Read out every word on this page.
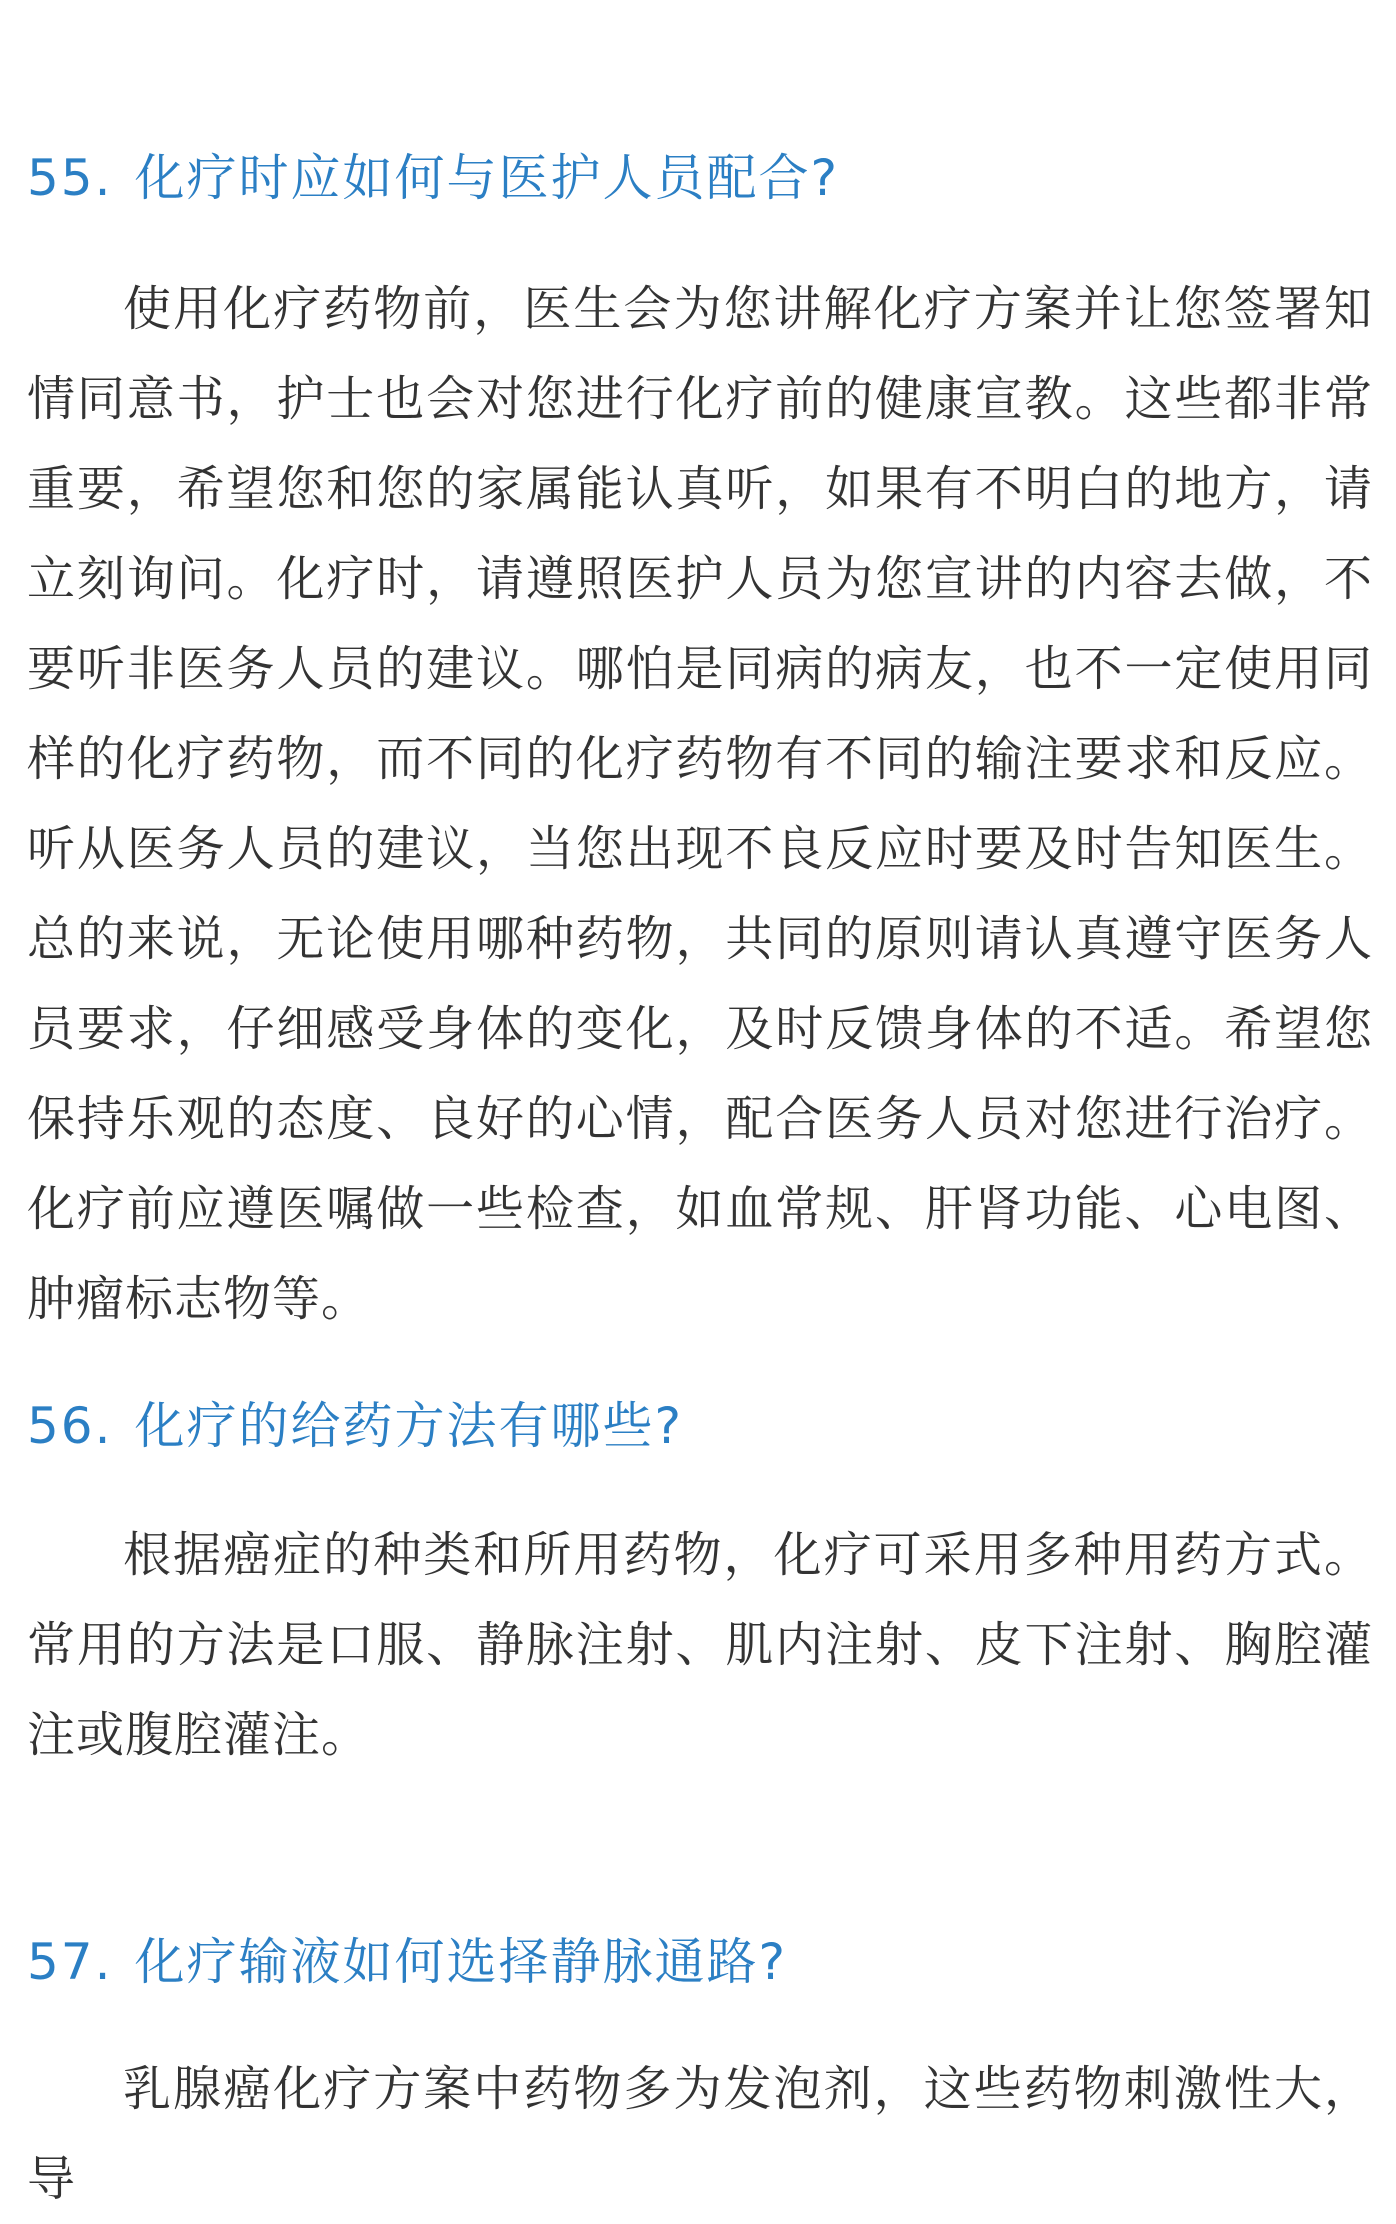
55. 化疗时应如何与医护人员配合?

使用化疗药物前，医生会为您讲解化疗方案并让您签署知情同意书，护士也会对您进行化疗前的健康宣教。这些都非常重要，希望您和您的家属能认真听，如果有不明白的地方，请立刻询问。化疗时，请遵照医护人员为您宣讲的内容去做，不要听非医务人员的建议。哪怕是同病的病友，也不一定使用同样的化疗药物，而不同的化疗药物有不同的输注要求和反应。听从医务人员的建议，当您出现不良反应时要及时告知医生。总的来说，无论使用哪种药物，共同的原则请认真遵守医务人员要求，仔细感受身体的变化，及时反馈身体的不适。希望您保持乐观的态度、良好的心情，配合医务人员对您进行治疗。化疗前应遵医嘱做一些检查，如血常规、肝肾功能、心电图、肿瘤标志物等。

56. 化疗的给药方法有哪些?

根据癌症的种类和所用药物，化疗可采用多种用药方式。常用的方法是口服、静脉注射、肌内注射、皮下注射、胸腔灌注或腹腔灌注。

57. 化疗输液如何选择静脉通路?

乳腺癌化疗方案中药物多为发泡剂，这些药物刺激性大，导
